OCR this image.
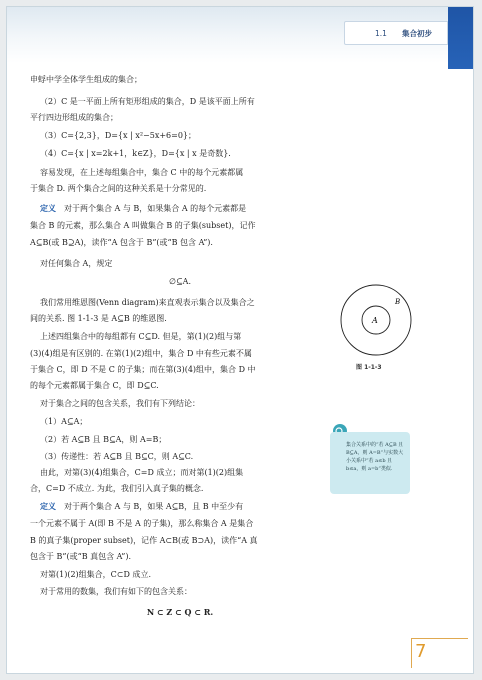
1.1 集合初步
申蜉中学全体学生组成的集合；
（2）C 是一平面上所有矩形组成的集合，D 是该平面上所有
平行四边形组成的集合；
（3）C={2,3}，D={x | x²−5x+6=0}；
（4）C={x | x=2k+1，k∈Z}，D={x | x 是奇数}.
容易发现，在上述每组集合中，集合 C 中的每个元素都属
于集合 D. 两个集合之间的这种关系是十分常见的.
定义　对于两个集合 A 与 B，如果集合 A 的每个元素都是
集合 B 的元素，那么集合 A 叫做集合 B 的子集(subset)，记作
A⊆B(或 B⊇A)，读作“A 包含于 B”(或“B 包含 A”).
对任何集合 A，规定
∅⊆A.
我们常用维恩图(Venn diagram)来直观表示集合以及集合之
间的关系. 图 1-1-3 是 A⊆B 的维恩图.
上述四组集合中的每组都有 C⊆D. 但是，第(1)(2)组与第
(3)(4)组是有区别的. 在第(1)(2)组中，集合 D 中有些元素不属
于集合 C，即 D 不是 C 的子集；而在第(3)(4)组中，集合 D 中
的每个元素都属于集合 C，即 D⊆C.
对于集合之间的包含关系，我们有下列结论：
（1）A⊆A；
（2）若 A⊆B 且 B⊆A，则 A=B；
（3）传递性：若 A⊆B 且 B⊆C，则 A⊆C.
由此，对第(3)(4)组集合，C=D 成立；而对第(1)(2)组集
合，C=D 不成立. 为此，我们引入真子集的概念.
定义　对于两个集合 A 与 B，如果 A⊆B，且 B 中至少有
一个元素不属于 A(即 B 不是 A 的子集)，那么称集合 A 是集合
B 的真子集(proper subset)，记作 A⊂B(或 B⊃A)，读作“A 真
包含于 B”(或“B 真包含 A”).
对第(1)(2)组集合，C⊂D 成立.
对于常用的数集，我们有如下的包含关系：
N ⊂ Z ⊂ Q ⊂ R.
A
B
图 1-1-3
集合关系中的“若 A⊆B 且 B⊆A，则 A=B”与实数大小关系中“若 a≤b 且 b≤a，则 a=b”类似.
7
